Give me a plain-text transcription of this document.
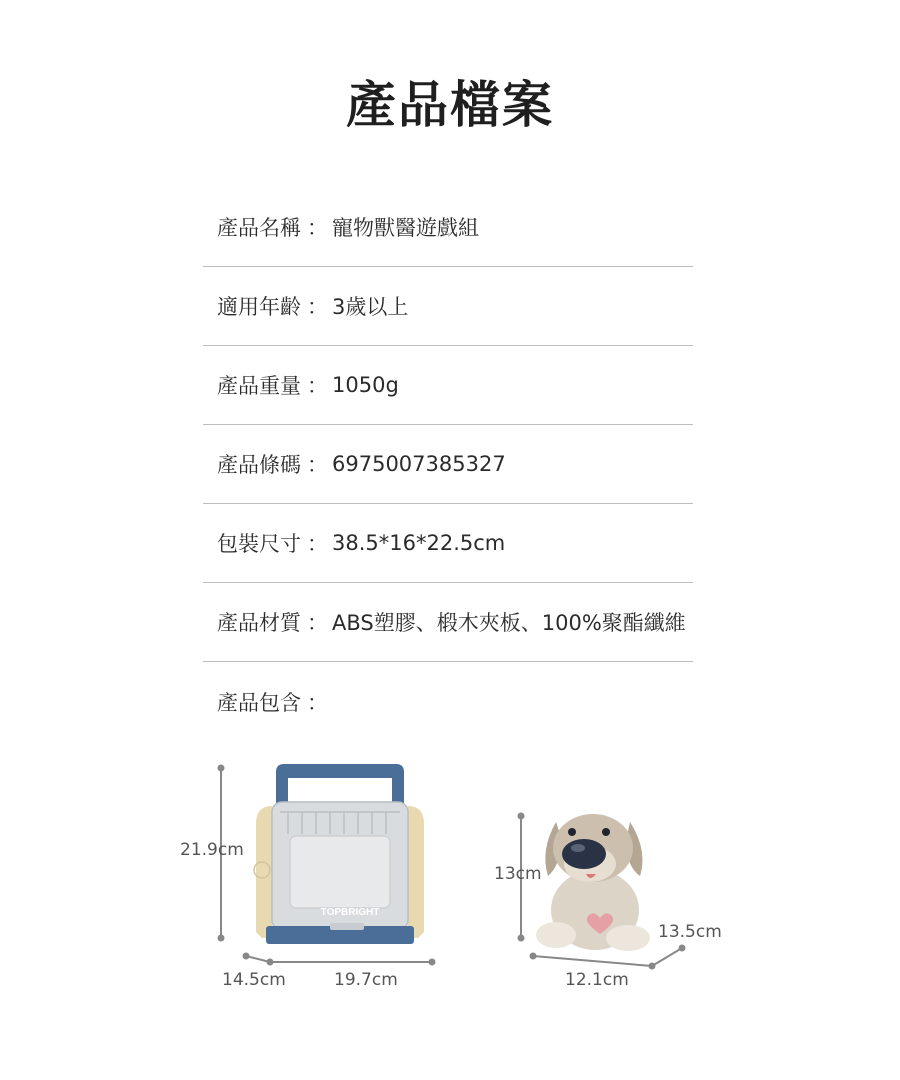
產品檔案
產品名稱 ： 寵物獸醫遊戲組
適用年齡 ： 3歲以上
產品重量 ： 1050g
產品條碼 ： 6975007385327
包裝尺寸 ： 38.5*16*22.5cm
產品材質 ： ABS塑膠、椴木夾板、100%聚酯纖維
產品包含 ：
TOPBRIGHT
21.9cm
14.5cm	19.7cm
13cm
13.5cm
12.1cm
